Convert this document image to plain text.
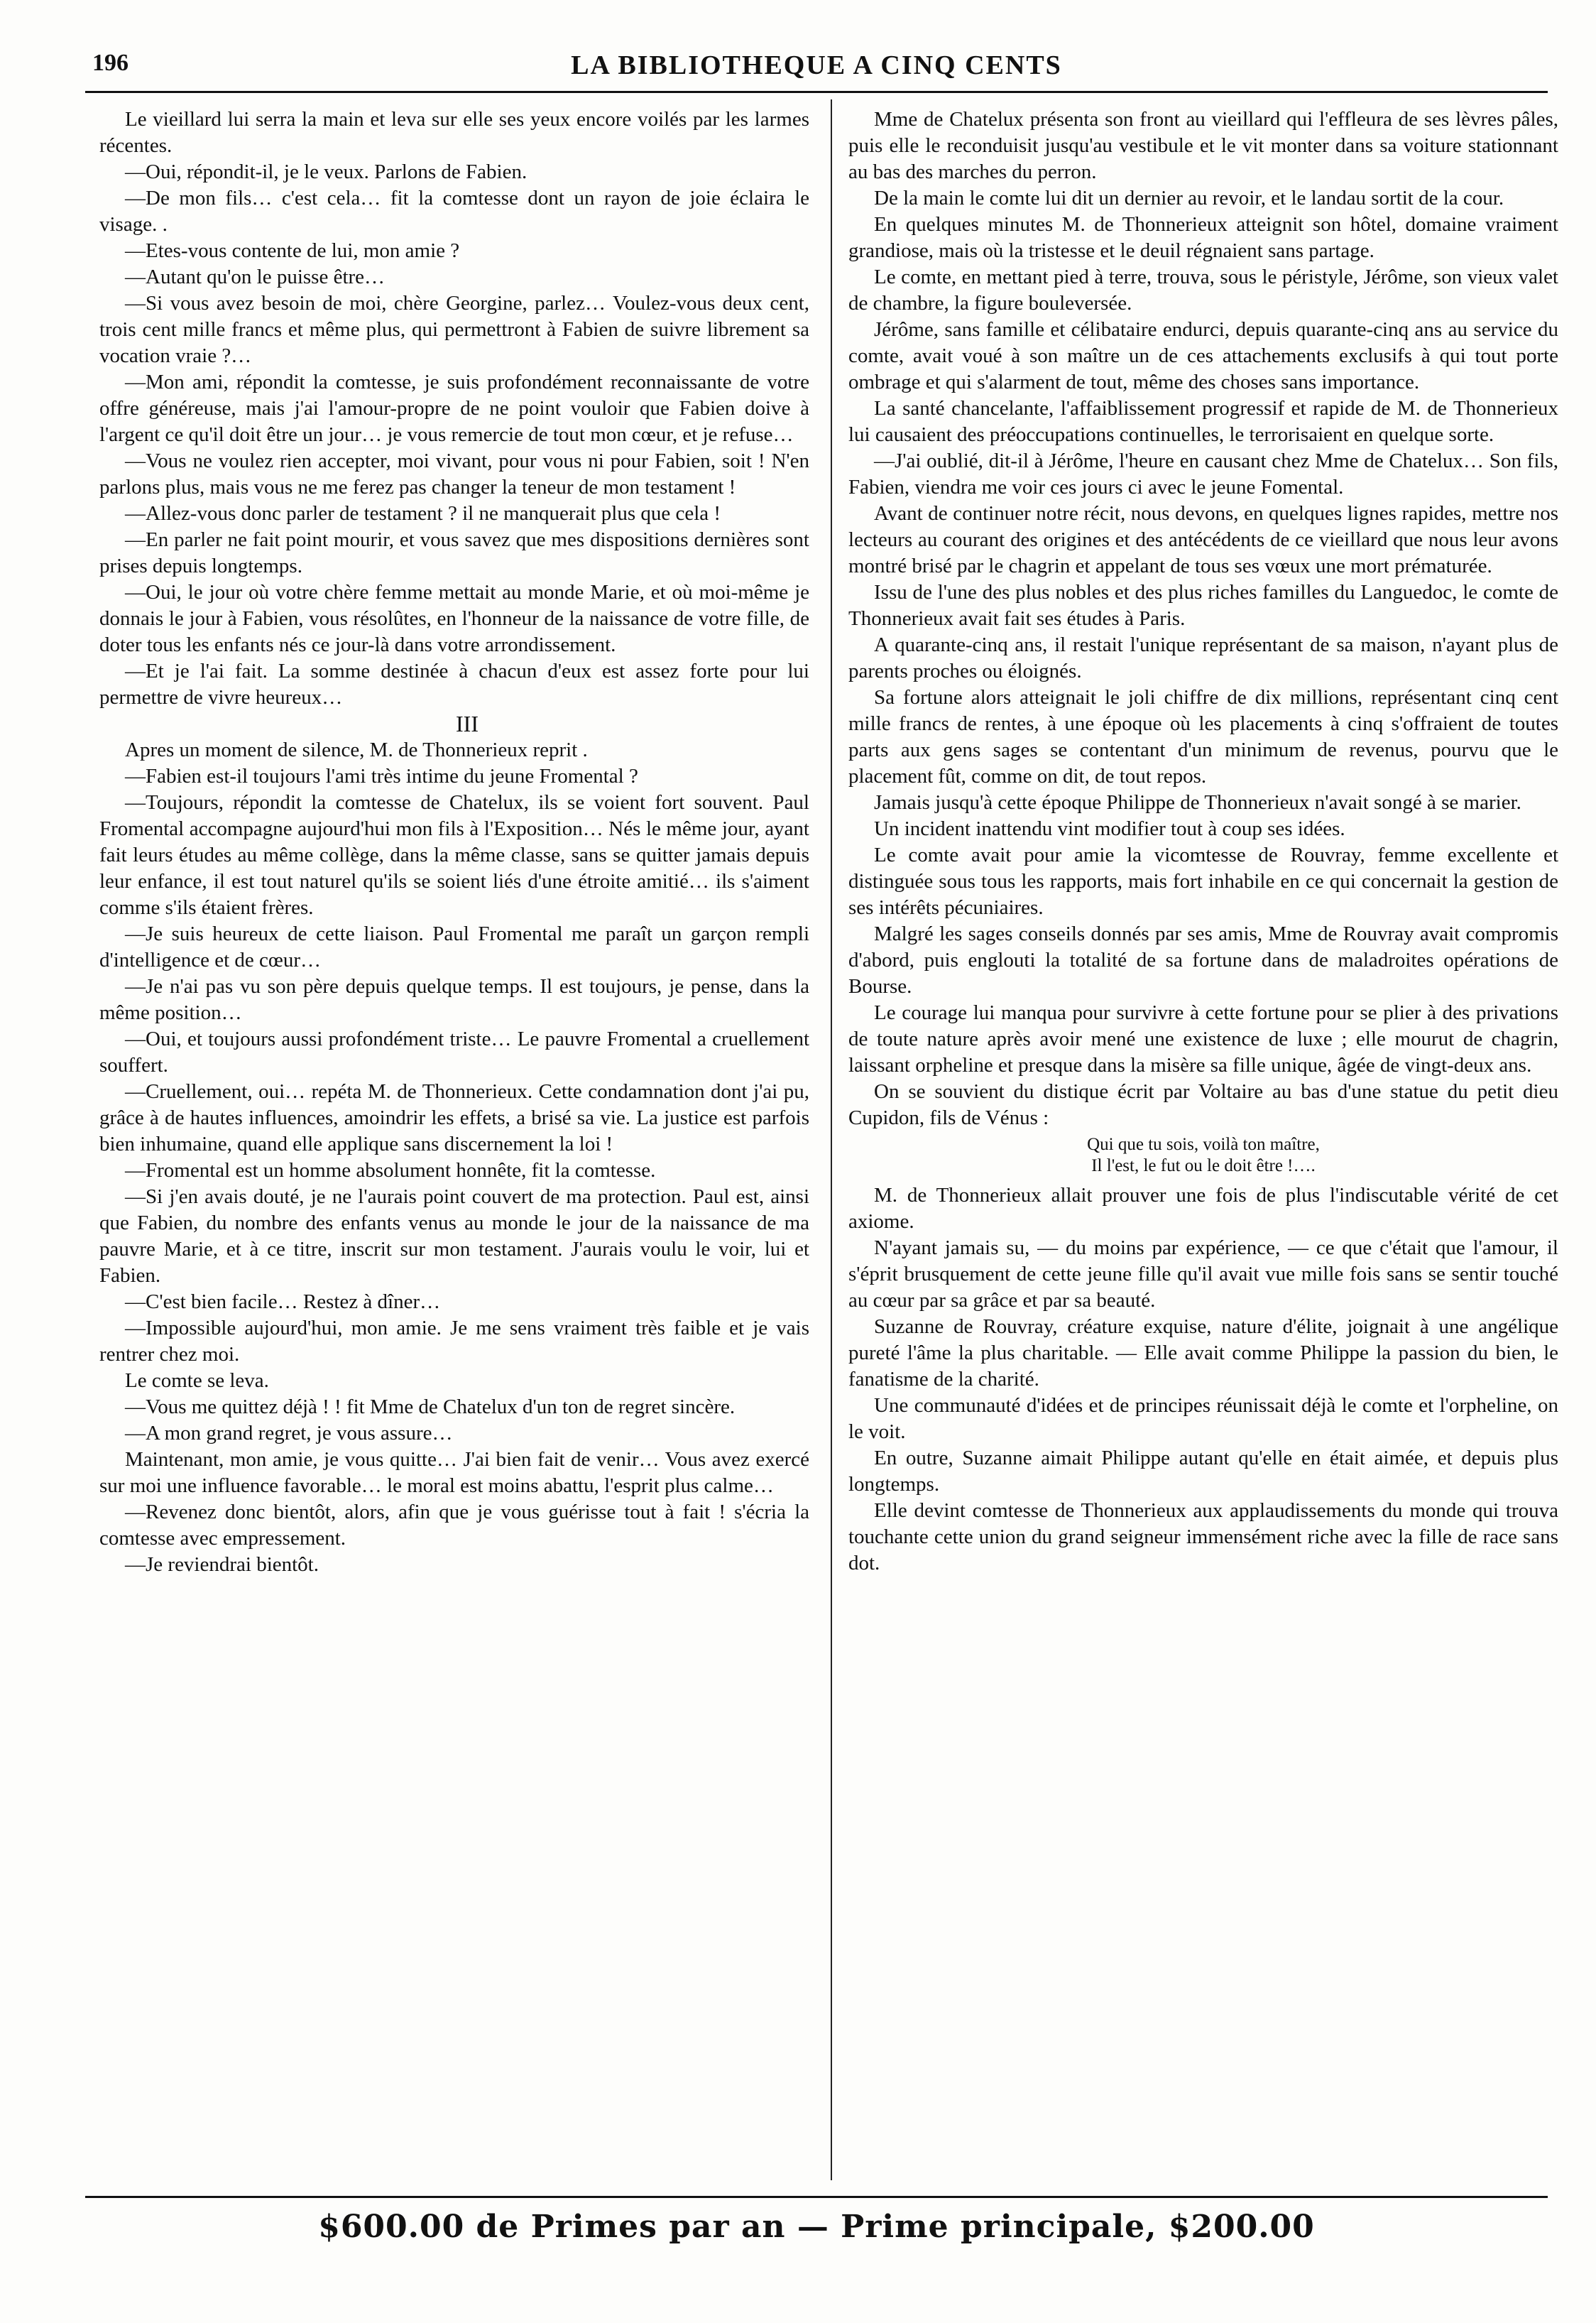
196	LA BIBLIOTHEQUE A CINQ CENTS

Le vieillard lui serra la main et leva sur elle ses yeux encore voilés par les larmes récentes.

—Oui, répondit-il, je le veux. Parlons de Fabien.

—De mon fils… c'est cela… fit la comtesse dont un rayon de joie éclaira le visage. .

—Etes-vous contente de lui, mon amie ?

—Autant qu'on le puisse être…

—Si vous avez besoin de moi, chère Georgine, parlez… Voulez-vous deux cent, trois cent mille francs et même plus, qui permettront à Fabien de suivre librement sa vocation vraie ?…

—Mon ami, répondit la comtesse, je suis profondément reconnaissante de votre offre généreuse, mais j'ai l'amour-propre de ne point vouloir que Fabien doive à l'argent ce qu'il doit être un jour… je vous remercie de tout mon cœur, et je refuse…

—Vous ne voulez rien accepter, moi vivant, pour vous ni pour Fabien, soit ! N'en parlons plus, mais vous ne me ferez pas changer la teneur de mon testament !

—Allez-vous donc parler de testament ? il ne manquerait plus que cela !

—En parler ne fait point mourir, et vous savez que mes dispositions dernières sont prises depuis longtemps.

—Oui, le jour où votre chère femme mettait au monde Marie, et où moi-même je donnais le jour à Fabien, vous résolûtes, en l'honneur de la naissance de votre fille, de doter tous les enfants nés ce jour-là dans votre arrondissement.

—Et je l'ai fait. La somme destinée à chacun d'eux est assez forte pour lui permettre de vivre heureux…

III

Apres un moment de silence, M. de Thonnerieux reprit .

—Fabien est-il toujours l'ami très intime du jeune Fromental ?

—Toujours, répondit la comtesse de Chatelux, ils se voient fort souvent. Paul Fromental accompagne aujourd'hui mon fils à l'Exposition… Nés le même jour, ayant fait leurs études au même collège, dans la même classe, sans se quitter jamais depuis leur enfance, il est tout naturel qu'ils se soient liés d'une étroite amitié… ils s'aiment comme s'ils étaient frères.

—Je suis heureux de cette liaison. Paul Fromental me paraît un garçon rempli d'intelligence et de cœur…

—Je n'ai pas vu son père depuis quelque temps. Il est toujours, je pense, dans la même position…

—Oui, et toujours aussi profondément triste… Le pauvre Fromental a cruellement souffert.

—Cruellement, oui… repéta M. de Thonnerieux. Cette condamnation dont j'ai pu, grâce à de hautes influences, amoindrir les effets, a brisé sa vie. La justice est parfois bien inhumaine, quand elle applique sans discernement la loi !

—Fromental est un homme absolument honnête, fit la comtesse.

—Si j'en avais douté, je ne l'aurais point couvert de ma protection. Paul est, ainsi que Fabien, du nombre des enfants venus au monde le jour de la naissance de ma pauvre Marie, et à ce titre, inscrit sur mon testament. J'aurais voulu le voir, lui et Fabien.

—C'est bien facile… Restez à dîner…

—Impossible aujourd'hui, mon amie. Je me sens vraiment très faible et je vais rentrer chez moi.

Le comte se leva.

—Vous me quittez déjà ! ! fit Mme de Chatelux d'un ton de regret sincère.

—A mon grand regret, je vous assure…

Maintenant, mon amie, je vous quitte… J'ai bien fait de venir… Vous avez exercé sur moi une influence favorable… le moral est moins abattu, l'esprit plus calme…

—Revenez donc bientôt, alors, afin que je vous guérisse tout à fait ! s'écria la comtesse avec empressement.

—Je reviendrai bientôt.

Mme de Chatelux présenta son front au vieillard qui l'effleura de ses lèvres pâles, puis elle le reconduisit jusqu'au vestibule et le vit monter dans sa voiture stationnant au bas des marches du perron.

De la main le comte lui dit un dernier au revoir, et le landau sortit de la cour.

En quelques minutes M. de Thonnerieux atteignit son hôtel, domaine vraiment grandiose, mais où la tristesse et le deuil régnaient sans partage.

Le comte, en mettant pied à terre, trouva, sous le péristyle, Jérôme, son vieux valet de chambre, la figure bouleversée.

Jérôme, sans famille et célibataire endurci, depuis quarante-cinq ans au service du comte, avait voué à son maître un de ces attachements exclusifs à qui tout porte ombrage et qui s'alarment de tout, même des choses sans importance.

La santé chancelante, l'affaiblissement progressif et rapide de M. de Thonnerieux lui causaient des préoccupations continuelles, le terrorisaient en quelque sorte.

—J'ai oublié, dit-il à Jérôme, l'heure en causant chez Mme de Chatelux… Son fils, Fabien, viendra me voir ces jours ci avec le jeune Fomental.

Avant de continuer notre récit, nous devons, en quelques lignes rapides, mettre nos lecteurs au courant des origines et des antécédents de ce vieillard que nous leur avons montré brisé par le chagrin et appelant de tous ses vœux une mort prématurée.

Issu de l'une des plus nobles et des plus riches familles du Languedoc, le comte de Thonnerieux avait fait ses études à Paris.

A quarante-cinq ans, il restait l'unique représentant de sa maison, n'ayant plus de parents proches ou éloignés.

Sa fortune alors atteignait le joli chiffre de dix millions, représentant cinq cent mille francs de rentes, à une époque où les placements à cinq s'offraient de toutes parts aux gens sages se contentant d'un minimum de revenus, pourvu que le placement fût, comme on dit, de tout repos.

Jamais jusqu'à cette époque Philippe de Thonnerieux n'avait songé à se marier.

Un incident inattendu vint modifier tout à coup ses idées.

Le comte avait pour amie la vicomtesse de Rouvray, femme excellente et distinguée sous tous les rapports, mais fort inhabile en ce qui concernait la gestion de ses intérêts pécuniaires.

Malgré les sages conseils donnés par ses amis, Mme de Rouvray avait compromis d'abord, puis englouti la totalité de sa fortune dans de maladroites opérations de Bourse.

Le courage lui manqua pour survivre à cette fortune pour se plier à des privations de toute nature après avoir mené une existence de luxe ; elle mourut de chagrin, laissant orpheline et presque dans la misère sa fille unique, âgée de vingt-deux ans.

On se souvient du distique écrit par Voltaire au bas d'une statue du petit dieu Cupidon, fils de Vénus :

Qui que tu sois, voilà ton maître,
Il l'est, le fut ou le doit être !….

M. de Thonnerieux allait prouver une fois de plus l'indiscutable vérité de cet axiome.

N'ayant jamais su, — du moins par expérience, — ce que c'était que l'amour, il s'éprit brusquement de cette jeune fille qu'il avait vue mille fois sans se sentir touché au cœur par sa grâce et par sa beauté.

Suzanne de Rouvray, créature exquise, nature d'élite, joignait à une angélique pureté l'âme la plus charitable. — Elle avait comme Philippe la passion du bien, le fanatisme de la charité.

Une communauté d'idées et de principes réunissait déjà le comte et l'orpheline, on le voit.

En outre, Suzanne aimait Philippe autant qu'elle en était aimée, et depuis plus longtemps.

Elle devint comtesse de Thonnerieux aux applaudissements du monde qui trouva touchante cette union du grand seigneur immensément riche avec la fille de race sans dot.

$600.00 de Primes par an — Prime principale, $200.00
